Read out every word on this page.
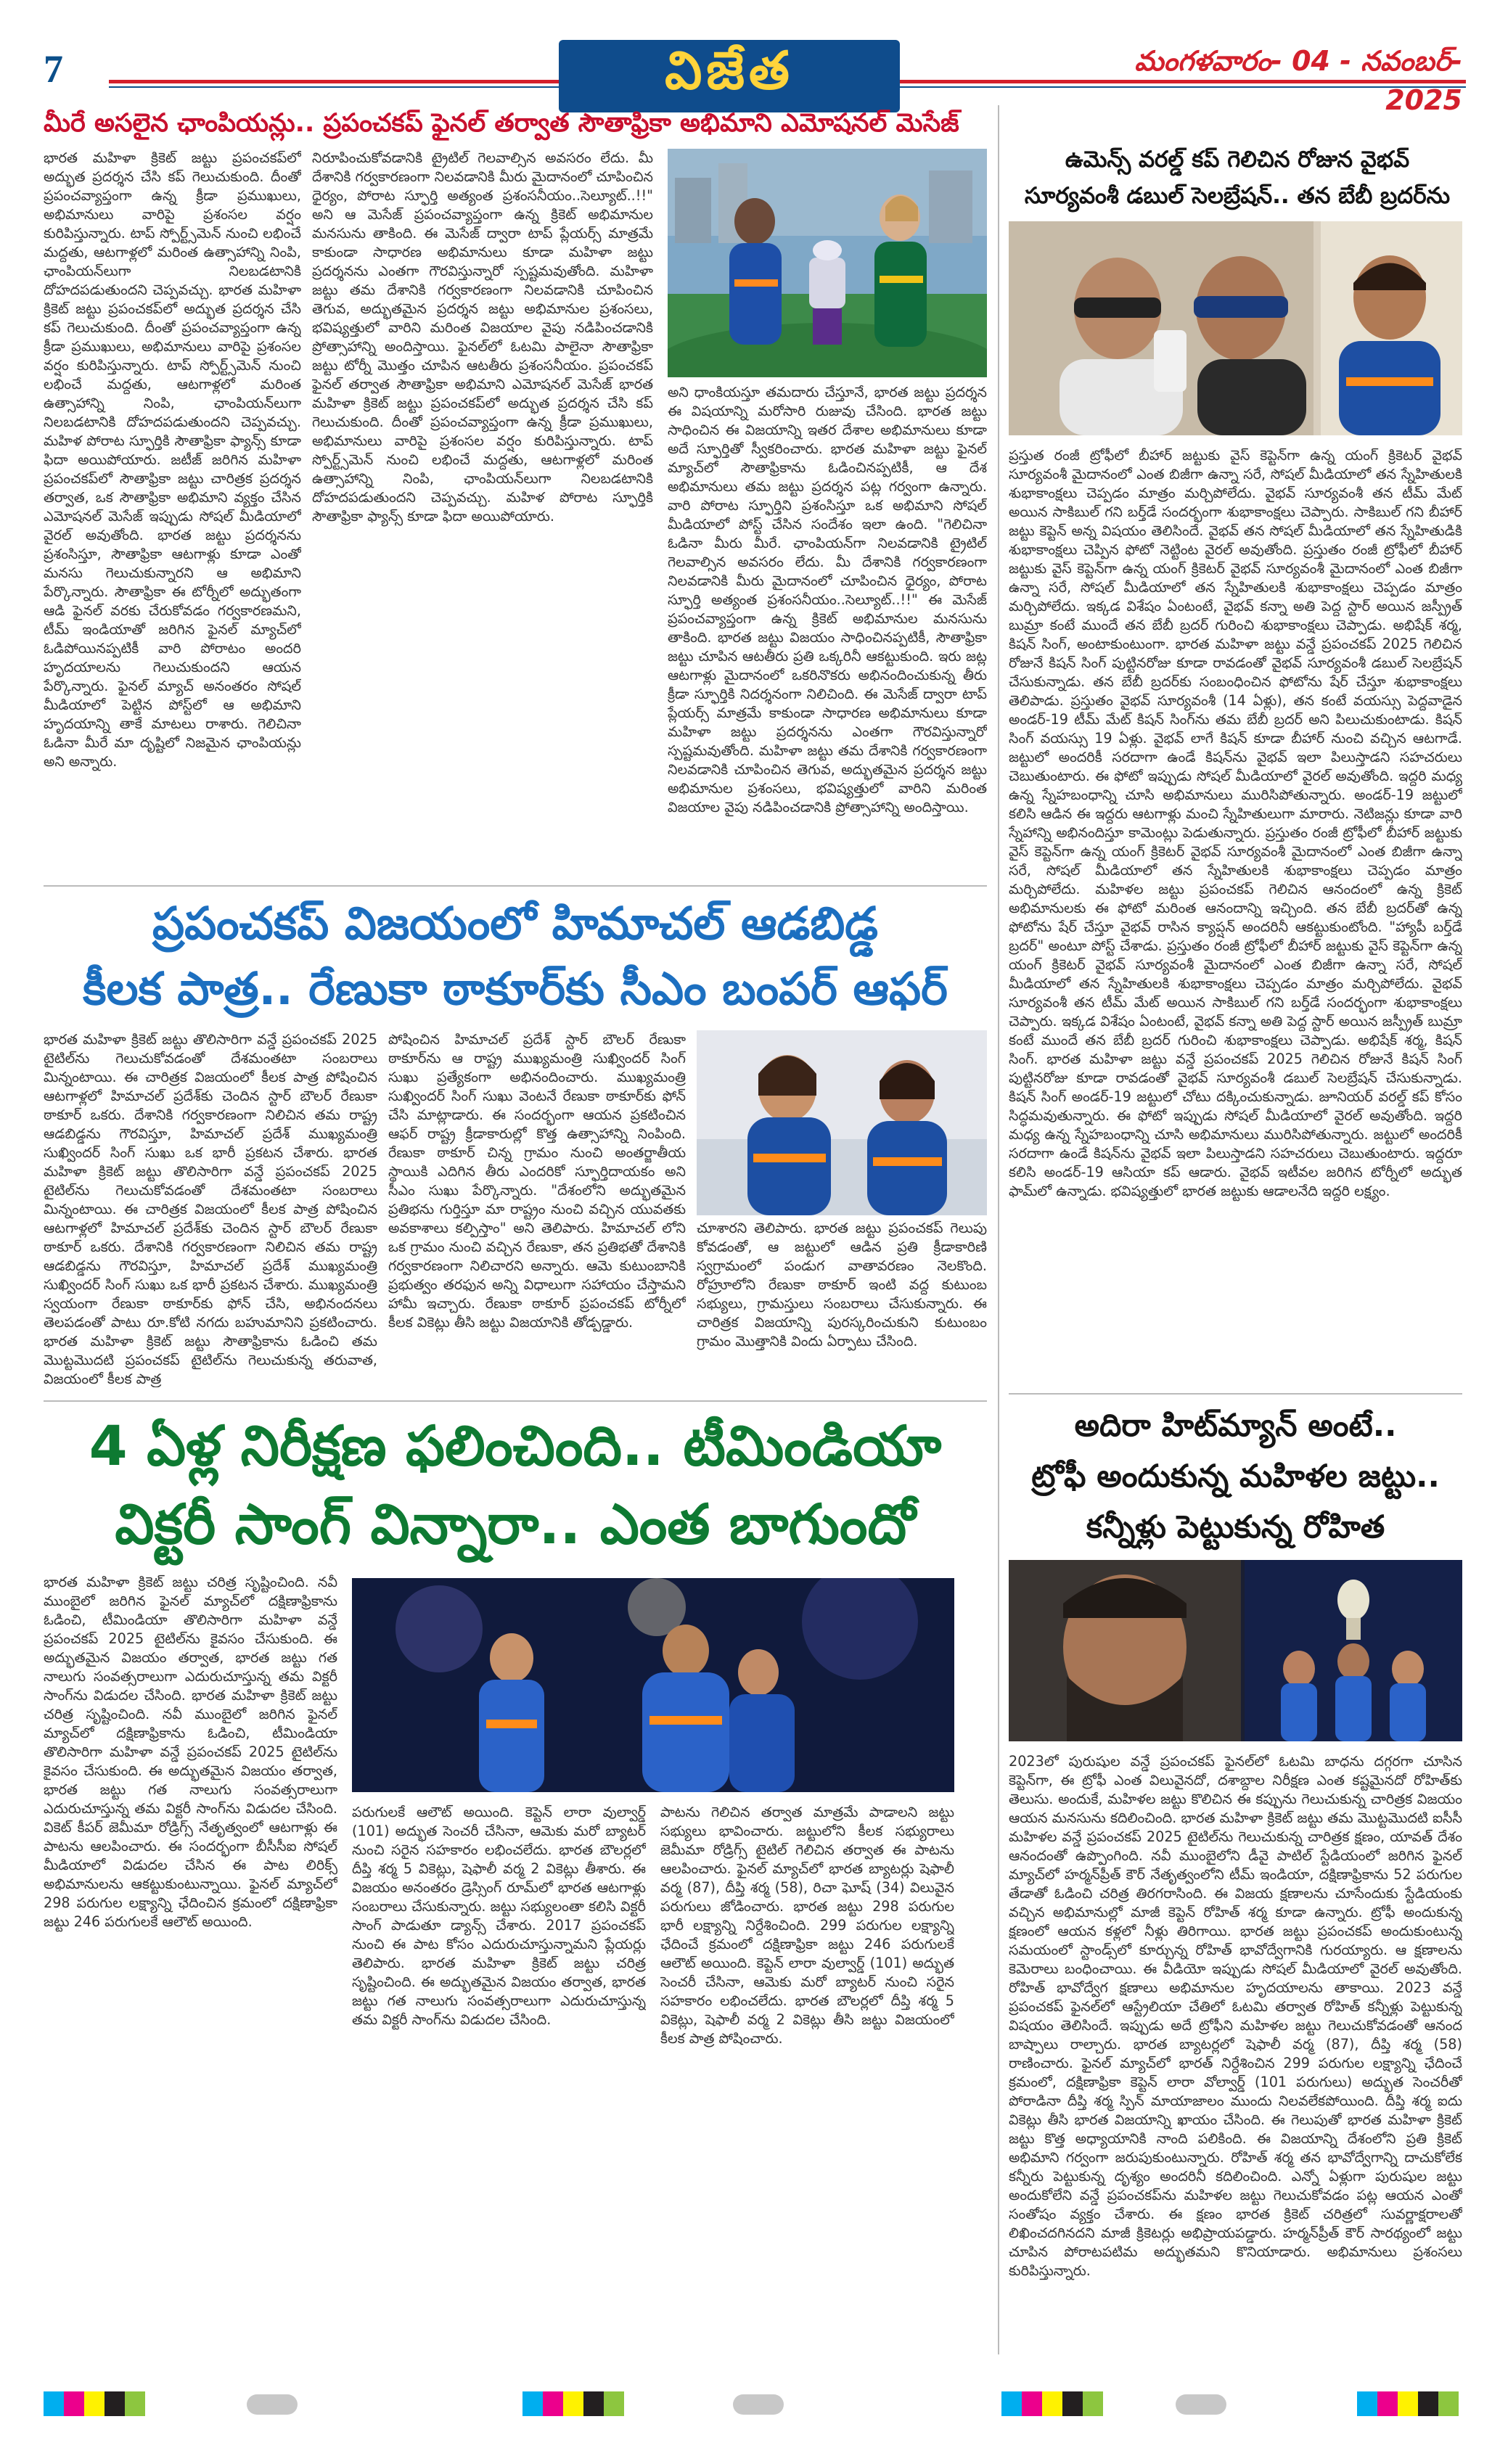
7	విజేత	మంగళవారం- 04 - నవంబర్- 2025
మీరే అసలైన ఛాంపియన్లు.. ప్రపంచకప్ ఫైనల్ తర్వాత సౌతాఫ్రికా అభిమాని ఎమోషనల్ మెసేజ్

భారత మహిళా క్రికెట్ జట్టు ప్రపంచకప్‌లో అద్భుత ప్రదర్శన చేసి కప్ గెలుచుకుంది. దీంతో ప్రపంచవ్యాప్తంగా ఉన్న క్రీడా ప్రముఖులు, అభిమానులు వారిపై ప్రశంసల వర్షం కురిపిస్తున్నారు. టాప్ స్పోర్ట్స్‌మెన్ నుంచి లభించే మద్దతు, ఆటగాళ్లలో మరింత ఉత్సాహాన్ని నింపి, ఛాంపియన్‌లుగా నిలబడటానికి దోహదపడుతుందని చెప్పవచ్చు. భారత మహిళా క్రికెట్ జట్టు ప్రపంచకప్‌లో అద్భుత ప్రదర్శన చేసి కప్ గెలుచుకుంది. దీంతో ప్రపంచవ్యాప్తంగా ఉన్న క్రీడా ప్రముఖులు, అభిమానులు వారిపై ప్రశంసల వర్షం కురిపిస్తున్నారు. టాప్ స్పోర్ట్స్‌మెన్ నుంచి లభించే మద్దతు, ఆటగాళ్లలో మరింత ఉత్సాహాన్ని నింపి, ఛాంపియన్‌లుగా నిలబడటానికి దోహదపడుతుందని చెప్పవచ్చు. మహిళ పోరాట స్ఫూర్తికి సౌతాఫ్రికా ఫ్యాన్స్ కూడా ఫిదా అయిపోయారు. జటీజ్ జరిగిన మహిళా ప్రపంచకప్‌లో సౌతాఫ్రికా జట్టు చారిత్రక ప్రదర్శన తర్వాత, ఒక సౌతాఫ్రికా అభిమాని వ్యక్తం చేసిన ఎమోషనల్ మెసేజ్ ఇప్పుడు సోషల్ మీడియాలో వైరల్ అవుతోంది. భారత జట్టు ప్రదర్శనను ప్రశంసిస్తూ, సౌతాఫ్రికా ఆటగాళ్లు కూడా ఎంతో మనసు గెలుచుకున్నారని ఆ అభిమాని పేర్కొన్నారు. సౌతాఫ్రికా ఈ టోర్నీలో అద్భుతంగా ఆడి ఫైనల్ వరకు చేరుకోవడం గర్వకారణమని, టీమ్ ఇండియాతో జరిగిన ఫైనల్ మ్యాచ్‌లో ఓడిపోయినప్పటికీ వారి పోరాటం అందరి హృదయాలను గెలుచుకుందని ఆయన పేర్కొన్నారు. ఫైనల్ మ్యాచ్ అనంతరం సోషల్ మీడియాలో పెట్టిన పోస్ట్‌లో ఆ అభిమాని హృదయాన్ని తాకే మాటలు రాశారు. గెలిచినా ఓడినా మీరే మా దృష్టిలో నిజమైన ఛాంపియన్లు అని అన్నారు.

నిరూపించుకోవడానికి ట్రైటిల్ గెలవాల్సిన అవసరం లేదు. మీ దేశానికి గర్వకారణంగా నిలవడానికి మీరు మైదానంలో చూపించిన ధైర్యం, పోరాట స్ఫూర్తి అత్యంత ప్రశంసనీయం..సెల్యూట్..!!" అని ఆ మెసేజ్ ప్రపంచవ్యాప్తంగా ఉన్న క్రికెట్ అభిమానుల మనసును తాకింది. ఈ మెసేజ్ ద్వారా టాప్ ప్లేయర్స్ మాత్రమే కాకుండా సాధారణ అభిమానులు కూడా మహిళా జట్టు ప్రదర్శనను ఎంతగా గౌరవిస్తున్నారో స్పష్టమవుతోంది. మహిళా జట్టు తమ దేశానికి గర్వకారణంగా నిలవడానికి చూపించిన తెగువ, అద్భుతమైన ప్రదర్శన జట్టు అభిమానుల ప్రశంసలు, భవిష్యత్తులో వారిని మరింత విజయాల వైపు నడిపించడానికి ప్రోత్సాహాన్ని అందిస్తాయి. ఫైనల్‌లో ఓటమి పాలైనా సౌతాఫ్రికా జట్టు టోర్నీ మొత్తం చూపిన ఆటతీరు ప్రశంసనీయం. ప్రపంచకప్ ఫైనల్ తర్వాత సౌతాఫ్రికా అభిమాని ఎమోషనల్ మెసేజ్ భారత మహిళా క్రికెట్ జట్టు ప్రపంచకప్‌లో అద్భుత ప్రదర్శన చేసి కప్ గెలుచుకుంది. దీంతో ప్రపంచవ్యాప్తంగా ఉన్న క్రీడా ప్రముఖులు, అభిమానులు వారిపై ప్రశంసల వర్షం కురిపిస్తున్నారు. టాప్ స్పోర్ట్స్‌మెన్ నుంచి లభించే మద్దతు, ఆటగాళ్లలో మరింత ఉత్సాహాన్ని నింపి, ఛాంపియన్‌లుగా నిలబడటానికి దోహదపడుతుందని చెప్పవచ్చు. మహిళ పోరాట స్ఫూర్తికి సౌతాఫ్రికా ఫ్యాన్స్ కూడా ఫిదా అయిపోయారు.

అని ధాంకియస్తూ తమదారు చేస్తూనే, భారత జట్టు ప్రదర్శన ఈ విషయాన్ని మరోసారి రుజువు చేసింది. భారత జట్టు సాధించిన ఈ విజయాన్ని ఇతర దేశాల అభిమానులు కూడా అదే స్ఫూర్తితో స్వీకరించారు. భారత మహిళా జట్టు ఫైనల్ మ్యాచ్‌లో సౌతాఫ్రికాను ఓడించినప్పటికీ, ఆ దేశ అభిమానులు తమ జట్టు ప్రదర్శన పట్ల గర్వంగా ఉన్నారు. వారి పోరాట స్ఫూర్తిని ప్రశంసిస్తూ ఒక అభిమాని సోషల్ మీడియాలో పోస్ట్ చేసిన సందేశం ఇలా ఉంది. "గెలిచినా ఓడినా మీరు మీరే. ఛాంపియన్‌గా నిలవడానికి ట్రైటిల్ గెలవాల్సిన అవసరం లేదు. మీ దేశానికి గర్వకారణంగా నిలవడానికి మీరు మైదానంలో చూపించిన ధైర్యం, పోరాట స్ఫూర్తి అత్యంత ప్రశంసనీయం..సెల్యూట్..!!" ఈ మెసేజ్ ప్రపంచవ్యాప్తంగా ఉన్న క్రికెట్ అభిమానుల మనసును తాకింది. భారత జట్టు విజయం సాధించినప్పటికీ, సౌతాఫ్రికా జట్టు చూపిన ఆటతీరు ప్రతి ఒక్కరినీ ఆకట్టుకుంది. ఇరు జట్ల ఆటగాళ్లు మైదానంలో ఒకరినొకరు అభినందించుకున్న తీరు క్రీడా స్ఫూర్తికి నిదర్శనంగా నిలిచింది. ఈ మెసేజ్ ద్వారా టాప్ ప్లేయర్స్ మాత్రమే కాకుండా సాధారణ అభిమానులు కూడా మహిళా జట్టు ప్రదర్శనను ఎంతగా గౌరవిస్తున్నారో స్పష్టమవుతోంది. మహిళా జట్టు తమ దేశానికి గర్వకారణంగా నిలవడానికి చూపించిన తెగువ, అద్భుతమైన ప్రదర్శన జట్టు అభిమానుల ప్రశంసలు, భవిష్యత్తులో వారిని మరింత విజయాల వైపు నడిపించడానికి ప్రోత్సాహాన్ని అందిస్తాయి.

ప్రపంచకప్ విజయంలో హిమాచల్ ఆడబిడ్డ
కీలక పాత్ర.. రేణుకా ఠాకూర్‌కు సీఎం బంపర్ ఆఫర్

భారత మహిళా క్రికెట్ జట్టు తొలిసారిగా వన్డే ప్రపంచకప్ 2025 టైటిల్‌ను గెలుచుకోవడంతో దేశమంతటా సంబరాలు మిన్నంటాయి. ఈ చారిత్రక విజయంలో కీలక పాత్ర పోషించిన ఆటగాళ్లలో హిమాచల్ ప్రదేశ్‌కు చెందిన స్టార్ బౌలర్ రేణుకా ఠాకూర్ ఒకరు. దేశానికి గర్వకారణంగా నిలిచిన తమ రాష్ట్ర ఆడబిడ్డను గౌరవిస్తూ, హిమాచల్ ప్రదేశ్ ముఖ్యమంత్రి సుఖ్విందర్ సింగ్ సుఖు ఒక భారీ ప్రకటన చేశారు. భారత మహిళా క్రికెట్ జట్టు తొలిసారిగా వన్డే ప్రపంచకప్ 2025 టైటిల్‌ను గెలుచుకోవడంతో దేశమంతటా సంబరాలు మిన్నంటాయి. ఈ చారిత్రక విజయంలో కీలక పాత్ర పోషించిన ఆటగాళ్లలో హిమాచల్ ప్రదేశ్‌కు చెందిన స్టార్ బౌలర్ రేణుకా ఠాకూర్ ఒకరు. దేశానికి గర్వకారణంగా నిలిచిన తమ రాష్ట్ర ఆడబిడ్డను గౌరవిస్తూ, హిమాచల్ ప్రదేశ్ ముఖ్యమంత్రి సుఖ్విందర్ సింగ్ సుఖు ఒక భారీ ప్రకటన చేశారు. ముఖ్యమంత్రి స్వయంగా రేణుకా ఠాకూర్‌కు ఫోన్ చేసి, అభినందనలు తెలపడంతో పాటు రూ.కోటి నగదు బహుమానిని ప్రకటించారు. భారత మహిళా క్రికెట్ జట్టు సౌతాఫ్రికాను ఓడించి తమ మొట్టమొదటి ప్రపంచకప్ టైటిల్‌ను గెలుచుకున్న తరువాత, విజయంలో కీలక పాత్ర

పోషించిన హిమాచల్ ప్రదేశ్ స్టార్ బౌలర్ రేణుకా ఠాకూర్‌ను ఆ రాష్ట్ర ముఖ్యమంత్రి సుఖ్విందర్ సింగ్ సుఖు ప్రత్యేకంగా అభినందించారు. ముఖ్యమంత్రి సుఖ్విందర్ సింగ్ సుఖు వెంటనే రేణుకా ఠాకూర్‌కు ఫోన్ చేసి మాట్లాడారు. ఈ సందర్భంగా ఆయన ప్రకటించిన ఆఫర్ రాష్ట్ర క్రీడాకారుల్లో కొత్త ఉత్సాహాన్ని నింపింది. రేణుకా ఠాకూర్ చిన్న గ్రామం నుంచి అంతర్జాతీయ స్థాయికి ఎదిగిన తీరు ఎందరికో స్ఫూర్తిదాయకం అని సీఎం సుఖు పేర్కొన్నారు. "దేశంలోని అద్భుతమైన ప్రతిభను గుర్తిస్తూ మా రాష్ట్రం నుంచి వచ్చిన యువతకు అవకాశాలు కల్పిస్తాం" అని తెలిపారు. హిమాచల్ లోని ఒక గ్రామం నుంచి వచ్చిన రేణుకా, తన ప్రతిభతో దేశానికి గర్వకారణంగా నిలిచారని అన్నారు. ఆమె కుటుంబానికి ప్రభుత్వం తరఫున అన్ని విధాలుగా సహాయం చేస్తామని హామీ ఇచ్చారు. రేణుకా ఠాకూర్ ప్రపంచకప్ టోర్నీలో కీలక వికెట్లు తీసి జట్టు విజయానికి తోడ్పడ్డారు.

చూశారని తెలిపారు. భారత జట్టు ప్రపంచకప్ గెలుపు కోవడంతో, ఆ జట్టులో ఆడిన ప్రతి క్రీడాకారిణి స్వగ్రామంలో పండుగ వాతావరణం నెలకొంది. రోహ్రూలోని రేణుకా ఠాకూర్ ఇంటి వద్ద కుటుంబ సభ్యులు, గ్రామస్తులు సంబరాలు చేసుకున్నారు. ఈ చారిత్రక విజయాన్ని పురస్కరించుకుని కుటుంబం గ్రామం మొత్తానికి విందు ఏర్పాటు చేసింది.

4 ఏళ్ల నిరీక్షణ ఫలించింది.. టీమిండియా
విక్టరీ సాంగ్ విన్నారా.. ఎంత బాగుందో

భారత మహిళా క్రికెట్ జట్టు చరిత్ర సృష్టించింది. నవీ ముంబైలో జరిగిన ఫైనల్ మ్యాచ్‌లో దక్షిణాఫ్రికాను ఓడించి, టీమిండియా తొలిసారిగా మహిళా వన్డే ప్రపంచకప్ 2025 టైటిల్‌ను కైవసం చేసుకుంది. ఈ అద్భుతమైన విజయం తర్వాత, భారత జట్టు గత నాలుగు సంవత్సరాలుగా ఎదురుచూస్తున్న తమ విక్టరీ సాంగ్‌ను విడుదల చేసింది. భారత మహిళా క్రికెట్ జట్టు చరిత్ర సృష్టించింది. నవీ ముంబైలో జరిగిన ఫైనల్ మ్యాచ్‌లో దక్షిణాఫ్రికాను ఓడించి, టీమిండియా తొలిసారిగా మహిళా వన్డే ప్రపంచకప్ 2025 టైటిల్‌ను కైవసం చేసుకుంది. ఈ అద్భుతమైన విజయం తర్వాత, భారత జట్టు గత నాలుగు సంవత్సరాలుగా ఎదురుచూస్తున్న తమ విక్టరీ సాంగ్‌ను విడుదల చేసింది. వికెట్ కీపర్ జెమీమా రోడ్రిగ్స్ నేతృత్వంలో ఆటగాళ్లు ఈ పాటను ఆలపించారు. ఈ సందర్భంగా బీసీసీఐ సోషల్ మీడియాలో విడుదల చేసిన ఈ పాట లిరిక్స్ అభిమానులను ఆకట్టుకుంటున్నాయి. ఫైనల్ మ్యాచ్‌లో 298 పరుగుల లక్ష్యాన్ని ఛేదించిన క్రమంలో దక్షిణాఫ్రికా జట్టు 246 పరుగులకే ఆలౌట్ అయింది.

పరుగులకే ఆలౌట్ అయింది. కెప్టెన్ లారా వుల్వార్డ్ (101) అద్భుత సెంచరీ చేసినా, ఆమెకు మరో బ్యాటర్ నుంచి సరైన సహకారం లభించలేదు. భారత బౌలర్లలో దీప్తి శర్మ 5 వికెట్లు, షెఫాలీ వర్మ 2 వికెట్లు తీశారు. ఈ విజయం అనంతరం డ్రెస్సింగ్ రూమ్‌లో భారత ఆటగాళ్లు సంబరాలు చేసుకున్నారు. జట్టు సభ్యులంతా కలిసి విక్టరీ సాంగ్ పాడుతూ డ్యాన్స్ చేశారు. 2017 ప్రపంచకప్ నుంచి ఈ పాట కోసం ఎదురుచూస్తున్నామని ప్లేయర్లు తెలిపారు. భారత మహిళా క్రికెట్ జట్టు చరిత్ర సృష్టించింది. ఈ అద్భుతమైన విజయం తర్వాత, భారత జట్టు గత నాలుగు సంవత్సరాలుగా ఎదురుచూస్తున్న తమ విక్టరీ సాంగ్‌ను విడుదల చేసింది.

పాటను గెలిచిన తర్వాత మాత్రమే పాడాలని జట్టు సభ్యులు భావించారు. జట్టులోని కీలక సభ్యురాలు జెమీమా రోడ్రిగ్స్ టైటిల్ గెలిచిన తర్వాత ఈ పాటను ఆలపించారు. ఫైనల్ మ్యాచ్‌లో భారత బ్యాటర్లు షెఫాలీ వర్మ (87), దీప్తి శర్మ (58), రిచా ఘోష్ (34) విలువైన పరుగులు జోడించారు. భారత జట్టు 298 పరుగుల భారీ లక్ష్యాన్ని నిర్దేశించింది. 299 పరుగుల లక్ష్యాన్ని ఛేదించే క్రమంలో దక్షిణాఫ్రికా జట్టు 246 పరుగులకే ఆలౌట్ అయింది. కెప్టెన్ లారా వుల్వార్డ్ (101) అద్భుత సెంచరీ చేసినా, ఆమెకు మరో బ్యాటర్ నుంచి సరైన సహకారం లభించలేదు. భారత బౌలర్లలో దీప్తి శర్మ 5 వికెట్లు, షెఫాలీ వర్మ 2 వికెట్లు తీసి జట్టు విజయంలో కీలక పాత్ర పోషించారు.

ఉమెన్స్ వరల్డ్ కప్ గెలిచిన రోజున వైభవ్
సూర్యవంశీ డబుల్ సెలబ్రేషన్.. తన బేబీ బ్రదర్‌ను

ప్రస్తుత రంజీ ట్రోఫీలో బీహార్ జట్టుకు వైస్ కెప్టెన్‌గా ఉన్న యంగ్ క్రికెటర్ వైభవ్ సూర్యవంశీ మైదానంలో ఎంత బిజీగా ఉన్నా సరే, సోషల్ మీడియాలో తన స్నేహితులకి శుభాకాంక్షలు చెప్పడం మాత్రం మర్చిపోలేదు. వైభవ్ సూర్యవంశీ తన టీమ్ మేట్ అయిన సాకిబుల్ గని బర్త్‌డే సందర్భంగా శుభాకాంక్షలు చెప్పారు. సాకిబుల్ గని బీహార్ జట్టు కెప్టెన్ అన్న విషయం తెలిసిందే. వైభవ్ తన సోషల్ మీడియాలో తన స్నేహితుడికి శుభాకాంక్షలు చెప్పిన ఫోటో నెట్టింట వైరల్ అవుతోంది. ప్రస్తుతం రంజీ ట్రోఫీలో బీహార్ జట్టుకు వైస్ కెప్టెన్‌గా ఉన్న యంగ్ క్రికెటర్ వైభవ్ సూర్యవంశీ మైదానంలో ఎంత బిజీగా ఉన్నా సరే, సోషల్ మీడియాలో తన స్నేహితులకి శుభాకాంక్షలు చెప్పడం మాత్రం మర్చిపోలేదు. ఇక్కడ విశేషం ఏంటంటే, వైభవ్ కన్నా అతి పెద్ద స్టార్ అయిన జస్ప్రీత్ బుమ్రా కంటే ముందే తన బేబీ బ్రదర్ గురించి శుభాకాంక్షలు చెప్పాడు. అభిషేక్ శర్మ, కిషన్ సింగ్, అంటాకుంటుంగా. భారత మహిళా జట్టు వన్డే ప్రపంచకప్ 2025 గెలిచిన రోజునే కిషన్ సింగ్ పుట్టినరోజు కూడా రావడంతో వైభవ్ సూర్యవంశీ డబుల్ సెలబ్రేషన్ చేసుకున్నాడు. తన బేబీ బ్రదర్‌కు సంబంధించిన ఫోటోను షేర్ చేస్తూ శుభాకాంక్షలు తెలిపాడు. ప్రస్తుతం వైభవ్ సూర్యవంశీ (14 ఏళ్లు), తన కంటే వయస్సు పెద్దవాడైన అండర్-19 టీమ్ మేట్ కిషన్ సింగ్‌ను తమ బేబీ బ్రదర్ అని పిలుచుకుంటాడు. కిషన్ సింగ్ వయస్సు 19 ఏళ్లు. వైభవ్ లాగే కిషన్ కూడా బీహార్ నుంచి వచ్చిన ఆటగాడే. జట్టులో అందరికీ సరదాగా ఉండే కిషన్‌ను వైభవ్ ఇలా పిలుస్తాడని సహచరులు చెబుతుంటారు. ఈ ఫోటో ఇప్పుడు సోషల్ మీడియాలో వైరల్ అవుతోంది. ఇద్దరి మధ్య ఉన్న స్నేహబంధాన్ని చూసి అభిమానులు మురిసిపోతున్నారు. అండర్-19 జట్టులో కలిసి ఆడిన ఈ ఇద్దరు ఆటగాళ్లు మంచి స్నేహితులుగా మారారు. నెటిజన్లు కూడా వారి స్నేహాన్ని అభినందిస్తూ కామెంట్లు పెడుతున్నారు. ప్రస్తుతం రంజీ ట్రోఫీలో బీహార్ జట్టుకు వైస్ కెప్టెన్‌గా ఉన్న యంగ్ క్రికెటర్ వైభవ్ సూర్యవంశీ మైదానంలో ఎంత బిజీగా ఉన్నా సరే, సోషల్ మీడియాలో తన స్నేహితులకి శుభాకాంక్షలు చెప్పడం మాత్రం మర్చిపోలేదు. మహిళల జట్టు ప్రపంచకప్ గెలిచిన ఆనందంలో ఉన్న క్రికెట్ అభిమానులకు ఈ ఫోటో మరింత ఆనందాన్ని ఇచ్చింది. తన బేబీ బ్రదర్‌తో ఉన్న ఫోటోను షేర్ చేస్తూ వైభవ్ రాసిన క్యాప్షన్ అందరినీ ఆకట్టుకుంటోంది. "హ్యాపీ బర్త్‌డే బ్రదర్" అంటూ పోస్ట్ చేశాడు. ప్రస్తుతం రంజీ ట్రోఫీలో బీహార్ జట్టుకు వైస్ కెప్టెన్‌గా ఉన్న యంగ్ క్రికెటర్ వైభవ్ సూర్యవంశీ మైదానంలో ఎంత బిజీగా ఉన్నా సరే, సోషల్ మీడియాలో తన స్నేహితులకి శుభాకాంక్షలు చెప్పడం మాత్రం మర్చిపోలేదు. వైభవ్ సూర్యవంశీ తన టీమ్ మేట్ అయిన సాకిబుల్ గని బర్త్‌డే సందర్భంగా శుభాకాంక్షలు చెప్పారు. ఇక్కడ విశేషం ఏంటంటే, వైభవ్ కన్నా అతి పెద్ద స్టార్ అయిన జస్ప్రీత్ బుమ్రా కంటే ముందే తన బేబీ బ్రదర్ గురించి శుభాకాంక్షలు చెప్పాడు. అభిషేక్ శర్మ, కిషన్ సింగ్. భారత మహిళా జట్టు వన్డే ప్రపంచకప్ 2025 గెలిచిన రోజునే కిషన్ సింగ్ పుట్టినరోజు కూడా రావడంతో వైభవ్ సూర్యవంశీ డబుల్ సెలబ్రేషన్ చేసుకున్నాడు. కిషన్ సింగ్ అండర్-19 జట్టులో చోటు దక్కించుకున్నాడు. జూనియర్ వరల్డ్ కప్ కోసం సిద్ధమవుతున్నారు. ఈ ఫోటో ఇప్పుడు సోషల్ మీడియాలో వైరల్ అవుతోంది. ఇద్దరి మధ్య ఉన్న స్నేహబంధాన్ని చూసి అభిమానులు మురిసిపోతున్నారు. జట్టులో అందరికీ సరదాగా ఉండే కిషన్‌ను వైభవ్ ఇలా పిలుస్తాడని సహచరులు చెబుతుంటారు. ఇద్దరూ కలిసి అండర్-19 ఆసియా కప్ ఆడారు. వైభవ్ ఇటీవల జరిగిన టోర్నీలో అద్భుత ఫామ్‌లో ఉన్నాడు. భవిష్యత్తులో భారత జట్టుకు ఆడాలనేది ఇద్దరి లక్ష్యం.

అదిరా హిట్‌మ్యాన్ అంటే..
ట్రోఫీ అందుకున్న మహిళల జట్టు..
కన్నీళ్లు పెట్టుకున్న రోహిత

2023లో పురుషుల వన్డే ప్రపంచకప్ ఫైనల్‌లో ఓటమి బాధను దగ్గరగా చూసిన కెప్టెన్‌గా, ఈ ట్రోఫీ ఎంత విలువైనదో, దశాబ్దాల నిరీక్షణ ఎంత కష్టమైనదో రోహిత్‌కు తెలుసు. అందుకే, మహిళల జట్టు కొలిచిన ఈ కప్పును గెలుచుకున్న చారిత్రక విజయం ఆయన మనసును కదిలించింది. భారత మహిళా క్రికెట్ జట్టు తమ మొట్టమొదటి ఐసీసీ మహిళల వన్డే ప్రపంచకప్ 2025 టైటిల్‌ను గెలుచుకున్న చారిత్రక క్షణం, యావత్ దేశం ఆనందంతో ఉప్పొంగింది. నవీ ముంబైలోని డీవై పాటిల్ స్టేడియంలో జరిగిన ఫైనల్ మ్యాచ్‌లో హర్మన్‌ప్రీత్ కౌర్ నేతృత్వంలోని టీమ్ ఇండియా, దక్షిణాఫ్రికాను 52 పరుగుల తేడాతో ఓడించి చరిత్ర తిరగరాసింది. ఈ విజయ క్షణాలను చూసేందుకు స్టేడియంకు వచ్చిన అభిమానుల్లో మాజీ కెప్టెన్ రోహిత్ శర్మ కూడా ఉన్నారు. ట్రోఫీ అందుకున్న క్షణంలో ఆయన కళ్లలో నీళ్లు తిరిగాయి. భారత జట్టు ప్రపంచకప్ అందుకుంటున్న సమయంలో స్టాండ్స్‌లో కూర్చున్న రోహిత్ భావోద్వేగానికి గురయ్యారు. ఆ క్షణాలను కెమెరాలు బంధించాయి. ఈ వీడియో ఇప్పుడు సోషల్ మీడియాలో వైరల్ అవుతోంది. రోహిత్ భావోద్వేగ క్షణాలు అభిమానుల హృదయాలను తాకాయి. 2023 వన్డే ప్రపంచకప్ ఫైనల్‌లో ఆస్ట్రేలియా చేతిలో ఓటమి తర్వాత రోహిత్ కన్నీళ్లు పెట్టుకున్న విషయం తెలిసిందే. ఇప్పుడు అదే ట్రోఫీని మహిళల జట్టు గెలుచుకోవడంతో ఆనంద బాష్పాలు రాల్చారు. భారత బ్యాటర్లలో షెఫాలీ వర్మ (87), దీప్తి శర్మ (58) రాణించారు. ఫైనల్ మ్యాచ్‌లో భారత్ నిర్దేశించిన 299 పరుగుల లక్ష్యాన్ని ఛేదించే క్రమంలో, దక్షిణాఫ్రికా కెప్టెన్ లారా వోల్వార్డ్ (101 పరుగులు) అద్భుత సెంచరీతో పోరాడినా దీప్తి శర్మ స్పిన్ మాయాజాలం ముందు నిలవలేకపోయింది. దీప్తి శర్మ ఐదు వికెట్లు తీసి భారత విజయాన్ని ఖాయం చేసింది. ఈ గెలుపుతో భారత మహిళా క్రికెట్ జట్టు కొత్త అధ్యాయానికి నాంది పలికింది. ఈ విజయాన్ని దేశంలోని ప్రతి క్రికెట్ అభిమాని గర్వంగా జరుపుకుంటున్నారు. రోహిత్ శర్మ తన భావోద్వేగాన్ని దాచుకోలేక కన్నీరు పెట్టుకున్న దృశ్యం అందరినీ కదిలించింది. ఎన్నో ఏళ్లుగా పురుషుల జట్టు అందుకోలేని వన్డే ప్రపంచకప్‌ను మహిళల జట్టు గెలుచుకోవడం పట్ల ఆయన ఎంతో సంతోషం వ్యక్తం చేశారు. ఈ క్షణం భారత క్రికెట్ చరిత్రలో సువర్ణాక్షరాలతో లిఖించదగినదని మాజీ క్రికెటర్లు అభిప్రాయపడ్డారు. హర్మన్‌ప్రీత్ కౌర్ సారథ్యంలో జట్టు చూపిన పోరాటపటిమ అద్భుతమని కొనియాడారు. అభిమానులు ప్రశంసలు కురిపిస్తున్నారు.
